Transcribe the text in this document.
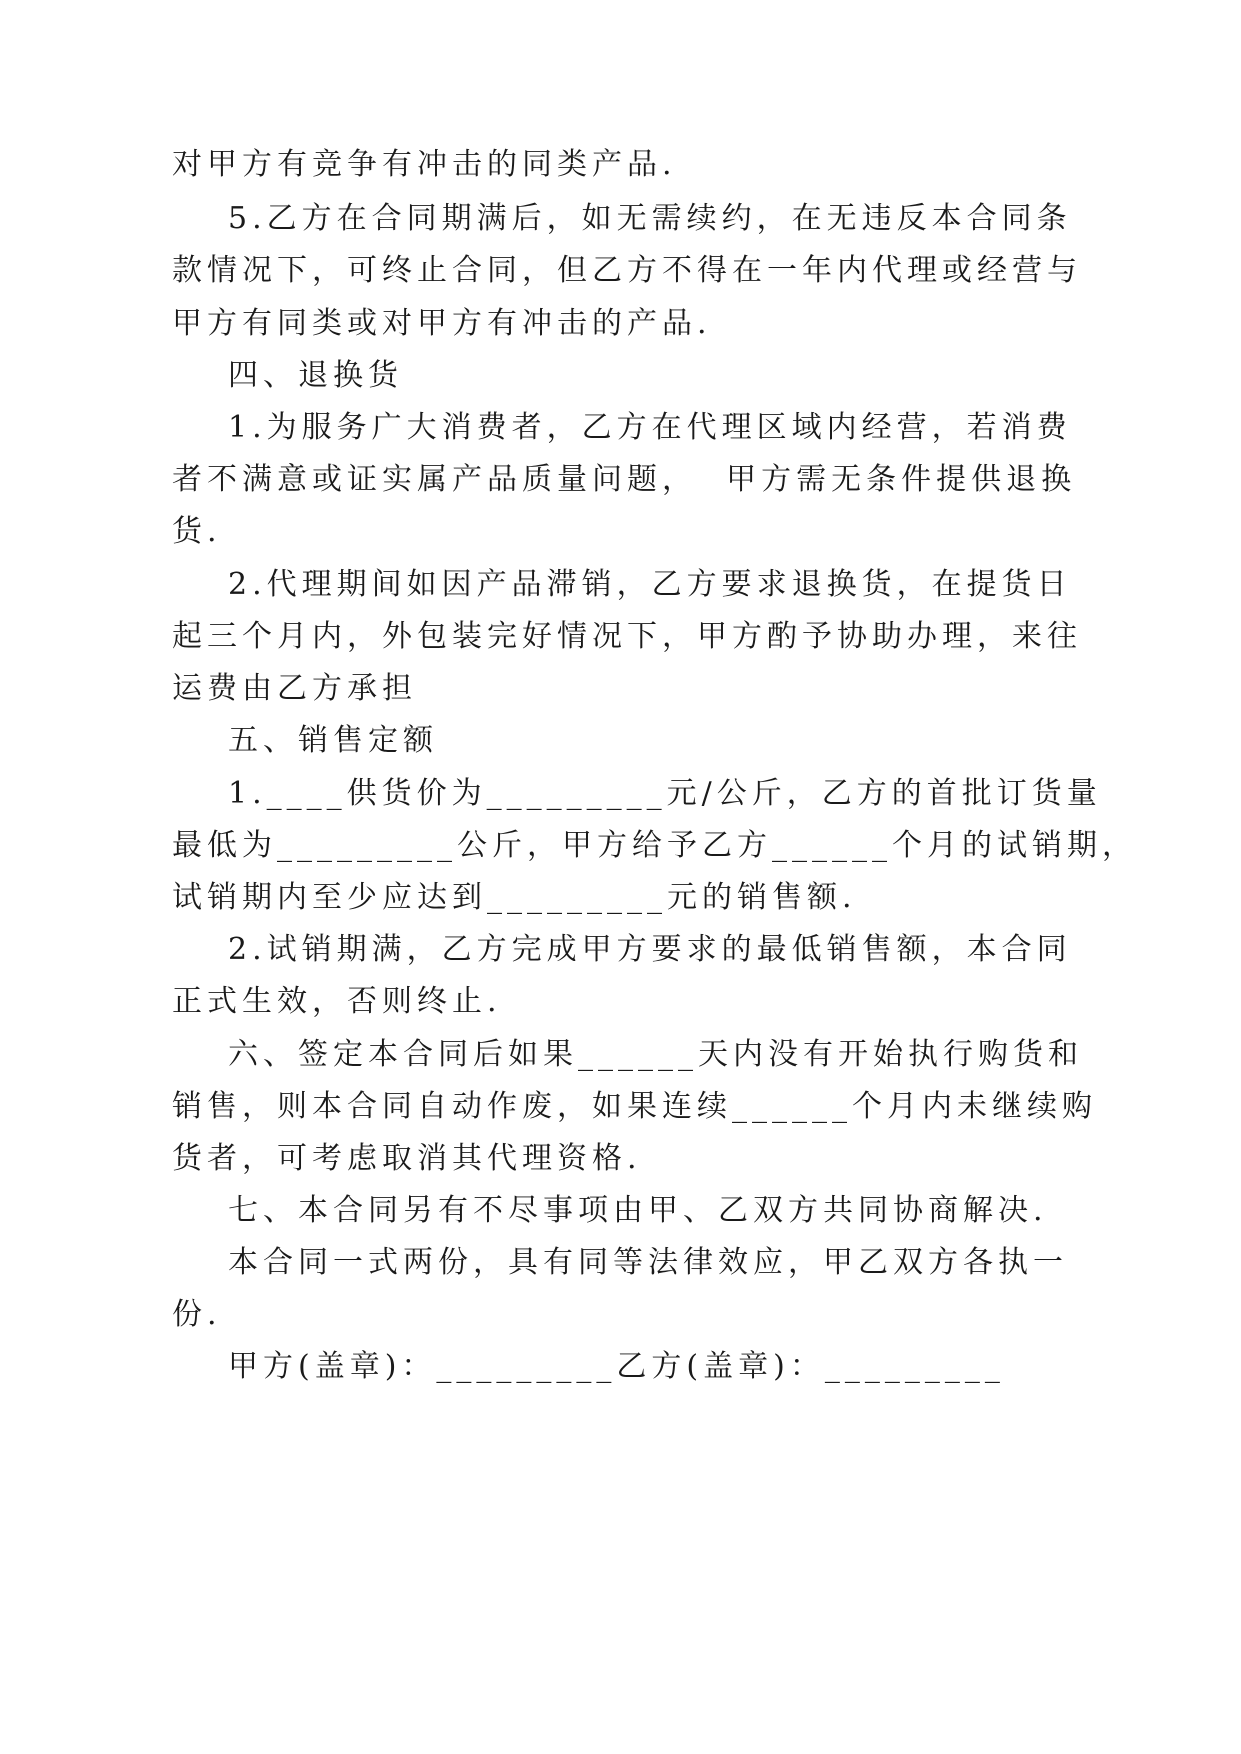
对甲方有竞争有冲击的同类产品.
5.乙方在合同期满后，如无需续约，在无违反本合同条
款情况下，可终止合同，但乙方不得在一年内代理或经营与
甲方有同类或对甲方有冲击的产品.
四、退换货
1.为服务广大消费者，乙方在代理区域内经营，若消费
者不满意或证实属产品质量问题，  甲方需无条件提供退换
货.
2.代理期间如因产品滞销，乙方要求退换货，在提货日
起三个月内，外包装完好情况下，甲方酌予协助办理，来往
运费由乙方承担
五、销售定额
1.____供货价为_________元/公斤，乙方的首批订货量
最低为_________公斤，甲方给予乙方______个月的试销期，
试销期内至少应达到_________元的销售额.
2.试销期满，乙方完成甲方要求的最低销售额，本合同
正式生效，否则终止.
六、签定本合同后如果______天内没有开始执行购货和
销售，则本合同自动作废，如果连续______个月内未继续购
货者，可考虑取消其代理资格.
七、本合同另有不尽事项由甲、乙双方共同协商解决.
本合同一式两份，具有同等法律效应，甲乙双方各执一
份.
甲方(盖章)：_________乙方(盖章)：_________
